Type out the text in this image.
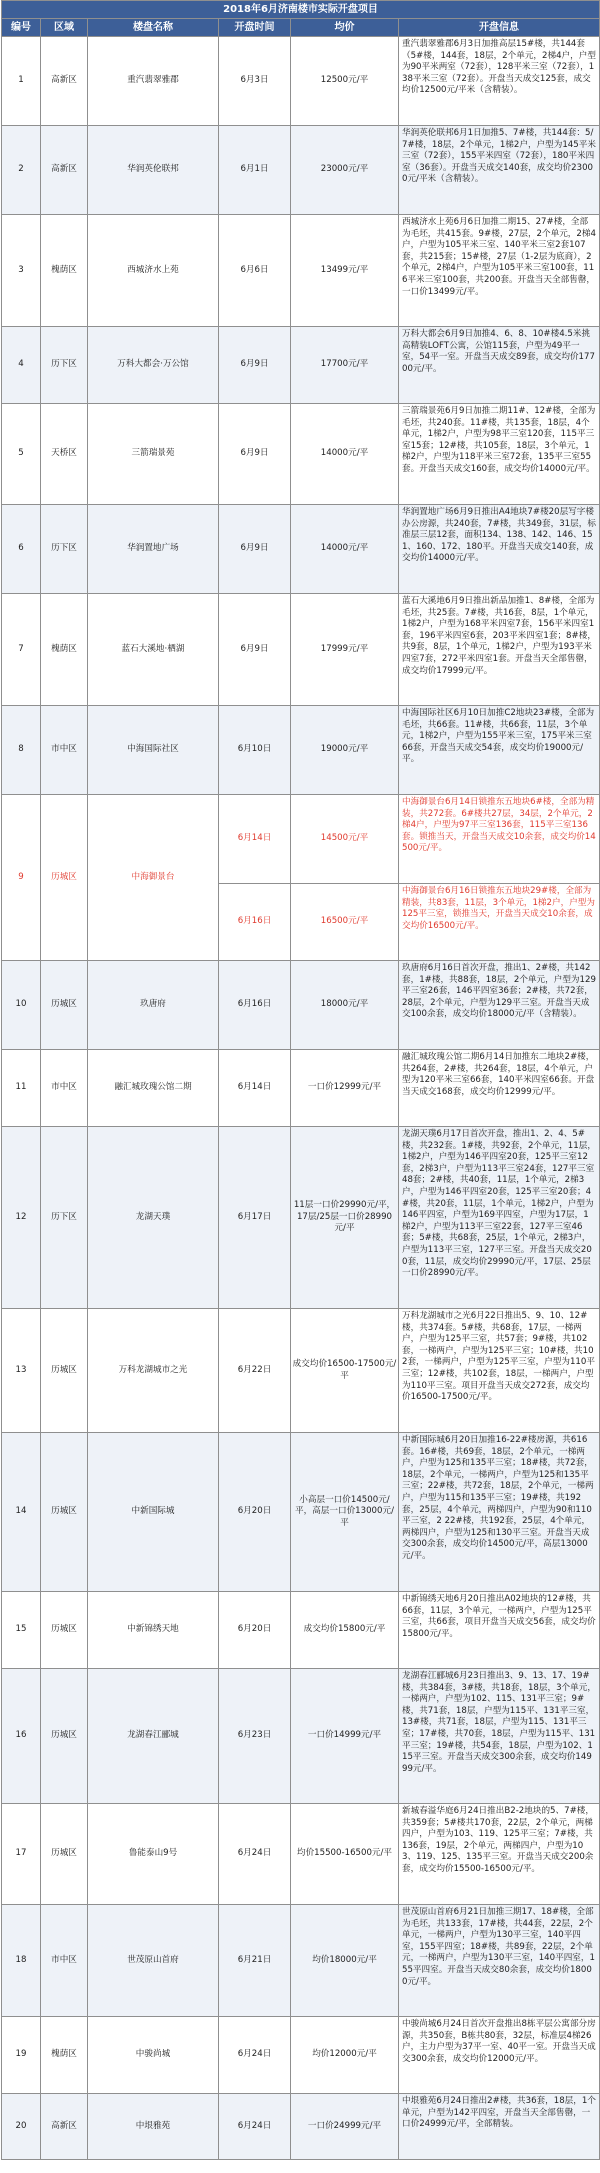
2018年6月济南楼市实际开盘项目					
编号	区域	楼盘名称	开盘时间	均价	开盘信息
1	高新区	重汽翡翠雅郡	6月3日	12500元/平	重汽翡翠雅郡6月3日加推高层15#楼，共144套（5#楼，144套，18层，2个单元，2梯4户，户型为90平米两室（72套），128平米三室（72套），138平米三室（72套）。开盘当天成交125套，成交均价12500元/平米（含精装）。
2	高新区	华润英伦联邦	6月1日	23000元/平	华润英伦联邦6月1日加推5、7#楼，共144套：5/7#楼，18层，2个单元，1梯2户，户型为145平米三室（72套），155平米四室（72套），180平米四室（36套）。开盘当天成交140套，成交均价23000元/平米（含精装）。
3	槐荫区	西城济水上苑	6月6日	13499元/平	西城济水上苑6月6日加推二期15、27#楼，全部为毛坯，共415套。9#楼，27层，2个单元，2梯4户，户型为105平米三室、140平米三室2套107套，共215套；15#楼，27层（1-2层为底商），2个单元，2梯4户，户型为105平米三室100套，116平米三室100套，共200套。开盘当天全部售罄，一口价13499元/平。
4	历下区	万科大都会·万公馆	6月9日	17700元/平	万科大都会6月9日加推4、6、8、10#楼4.5米挑高精装LOFT公寓，公馆115套，户型为49平一室，54平一室。开盘当天成交89套，成交均价17700元/平。
5	天桥区	三箭瑞景苑	6月9日	14000元/平	三箭瑞景苑6月9日加推二期11#、12#楼，全部为毛坯，共240套。11#楼，共135套，18层，4个单元，1梯2户，户型为98平三室120套，115平三室15套；12#楼，共105套，18层，3个单元，1梯2户，户型为118平米三室72套，135平三室55套。开盘当天成交160套，成交均价14000元/平。
6	历下区	华润置地广场	6月9日	14000元/平	华润置地广场6月9日推出A4地块7#楼20层写字楼办公房源，共240套，7#楼，共349套，31层，标准层三层12套，面积134、138、142、146、151、160、172、180平。开盘当天成交140套，成交均价14000元/平。
7	槐荫区	蓝石大溪地·栖湖	6月9日	17999元/平	蓝石大溪地6月9日推出新品加推1、8#楼，全部为毛坯，共25套。7#楼，共16套，8层，1个单元，1梯2户，户型为168平米四室7套，156平米四室1套，196平米四室6套，203平米四室1套；8#楼，共9套，8层，1个单元，1梯2户，户型为193平米四室7套，272平米四室1套。开盘当天全部售罄，成交均价17999元/平。
8	市中区	中海国际社区	6月10日	19000元/平	中海国际社区6月10日加推C2地块23#楼，全部为毛坯，共66套。11#楼，共66套，11层，3个单元，1梯2户，户型为155平米三室，175平米三室66套，开盘当天成交54套，成交均价19000元/平。
9	历城区	中海御景台	6月14日	14500元/平	中海御景台6月14日锁推东五地块6#楼，全部为精装，共272套。6#楼共27层，34层，2个单元，2梯4户，户型为97平三室136套，115平三室136套。锁推当天，开盘当天成交10余套，成交均价14500元/平。
			6月16日	16500元/平	中海御景台6月16日锁推东五地块29#楼，全部为精装，共83套，11层，3个单元，1梯2户，户型为125平三室，锁推当天，开盘当天成交10余套，成交均价16500元/平。
10	历城区	玖唐府	6月16日	18000元/平	玖唐府6月16日首次开盘，推出1、2#楼，共142套，1#楼，共88套，18层，2个单元，户型为129平三室26套，146平四室36套；2#楼，共72套，28层，2个单元，户型为129平三室。开盘当天成交100余套，成交均价18000元/平（含精装）。
11	市中区	融汇城玫瑰公馆二期	6月14日	一口价12999元/平	融汇城玫瑰公馆二期6月14日加推东二地块2#楼，共264套，2#楼，共264套，18层，4个单元，户型为120平米三室66套，140平米四室66套。开盘当天成交168套，成交均价12999元/平。
12	历下区	龙湖天璞	6月17日	11层一口价29990元/平，17层/25层一口价28990元/平	龙湖天璞6月17日首次开盘，推出1、2、4、5#楼，共232套。1#楼，共92套，2个单元，11层，1梯2户，户型为146平四室20套，125平三室12套，2梯3户，户型为113平三室24套，127平三室48套；2#楼，共40套，11层，1个单元，2梯3户，户型为146平四室20套，125平三室20套；4#楼，共20套，11层，1个单元，1梯2户，户型为146平四室，户型为169平四室，户型为17层，1梯2户，户型为113平三室22套，127平三室46套；5#楼，共68套，25层，1个单元，2梯3户，户型为113平三室，127平三室。开盘当天成交200套，11层，成交均价29990元/平，17层、25层一口价28990元/平。
13	历城区	万科龙湖城市之光	6月22日	成交均价16500-17500元/平	万科龙湖城市之光6月22日推出5、9、10、12#楼，共374套。5#楼，共68套，17层，一梯两户，户型为125平三室，共57套；9#楼，共102套，一梯两户，户型为125平三室；10#楼，共102套，一梯两户，户型为125平三室，户型为110平三室；12#楼，共102套，18层，一梯两户，户型为110平三室。项目开盘当天成交272套，成交均价16500-17500元/平。
14	历城区	中新国际城	6月20日	小高层一口价14500元/平，高层一口价13000元/平	中新国际城6月20日加推16-22#楼房源，共616套。16#楼，共69套，18层，2个单元，一梯两户，户型为125和135平三室；18#楼，共72套，18层，2个单元，一梯两户，户型为125和135平三室；22#楼，共72套，18层，2个单元，一梯两户，户型为115和135平三室；19#楼，共192套，25层，4个单元，两梯四户，户型为90和110平三室，2 22#楼，共192套，25层，4个单元，两梯四户，户型为125和130平三室。开盘当天成交300余套，成交均价14500元/平，高层13000元/平。
15	历城区	中新锦绣天地	6月20日	成交均价15800元/平	中新锦绣天地6月20日推出A02地块的12#楼，共66套，11层，3个单元，一梯两户，户型为125平三室，共66套，项目开盘当天成交56套，成交均价15800元/平。
16	历城区	龙湖春江郦城	6月23日	一口价14999元/平	龙湖春江郦城6月23日推出3、9、13、17、19#楼，共384套，3#楼，共18套，18层，3个单元，一梯两户，户型为102、115、131平三室；9#楼，共71套，18层，户型为115平、131平三室，13#楼，共71套，18层，户型为115、131平三室；17#楼，共70套，18层，户型为115平、131平三室；19#楼，共54套，18层，户型为102、115平三室。开盘当天成交300余套，成交均价14999元/平。
17	历城区	鲁能泰山9号	6月24日	均价15500-16500元/平	新城春溢华庭6月24日推出B2-2地块的5、7#楼，共359套；5#楼共170套，22层，2个单元，两梯四户，户型为103、119、125平三室；7#楼，共136套，19层，2个单元，两梯四户，户型为103、119、125、135平三室。开盘当天成交200余套，成交均价15500-16500元/平。
18	市中区	世茂原山首府	6月21日	均价18000元/平	世茂原山首府6月21日加推三期17、18#楼，全部为毛坯，共133套，17#楼，共44套，22层，2个单元，一梯两户，户型为130平三室，140平四室，155平四室；18#楼，共89套，22层，2个单元，一梯两户，户型为130平三室，140平四室，155平四室。开盘当天成交80余套，成交均价18000元/平。
19	槐荫区	中骏尚城	6月24日	均价12000元/平	中骏尚城6月24日首次开盘推出8栋平层公寓部分房源，共350套，B栋共80套，32层，标准层4梯26户，主力户型为37平一室、40平一室。开盘当天成交300余套，成交均价12000元/平。
20	高新区	中垠雅苑	6月24日	一口价24999元/平	中垠雅苑6月24日推出2#楼，共36套，18层，1个单元，户型为142平四室，开盘当天全部售罄，一口价24999元/平，全部精装。
